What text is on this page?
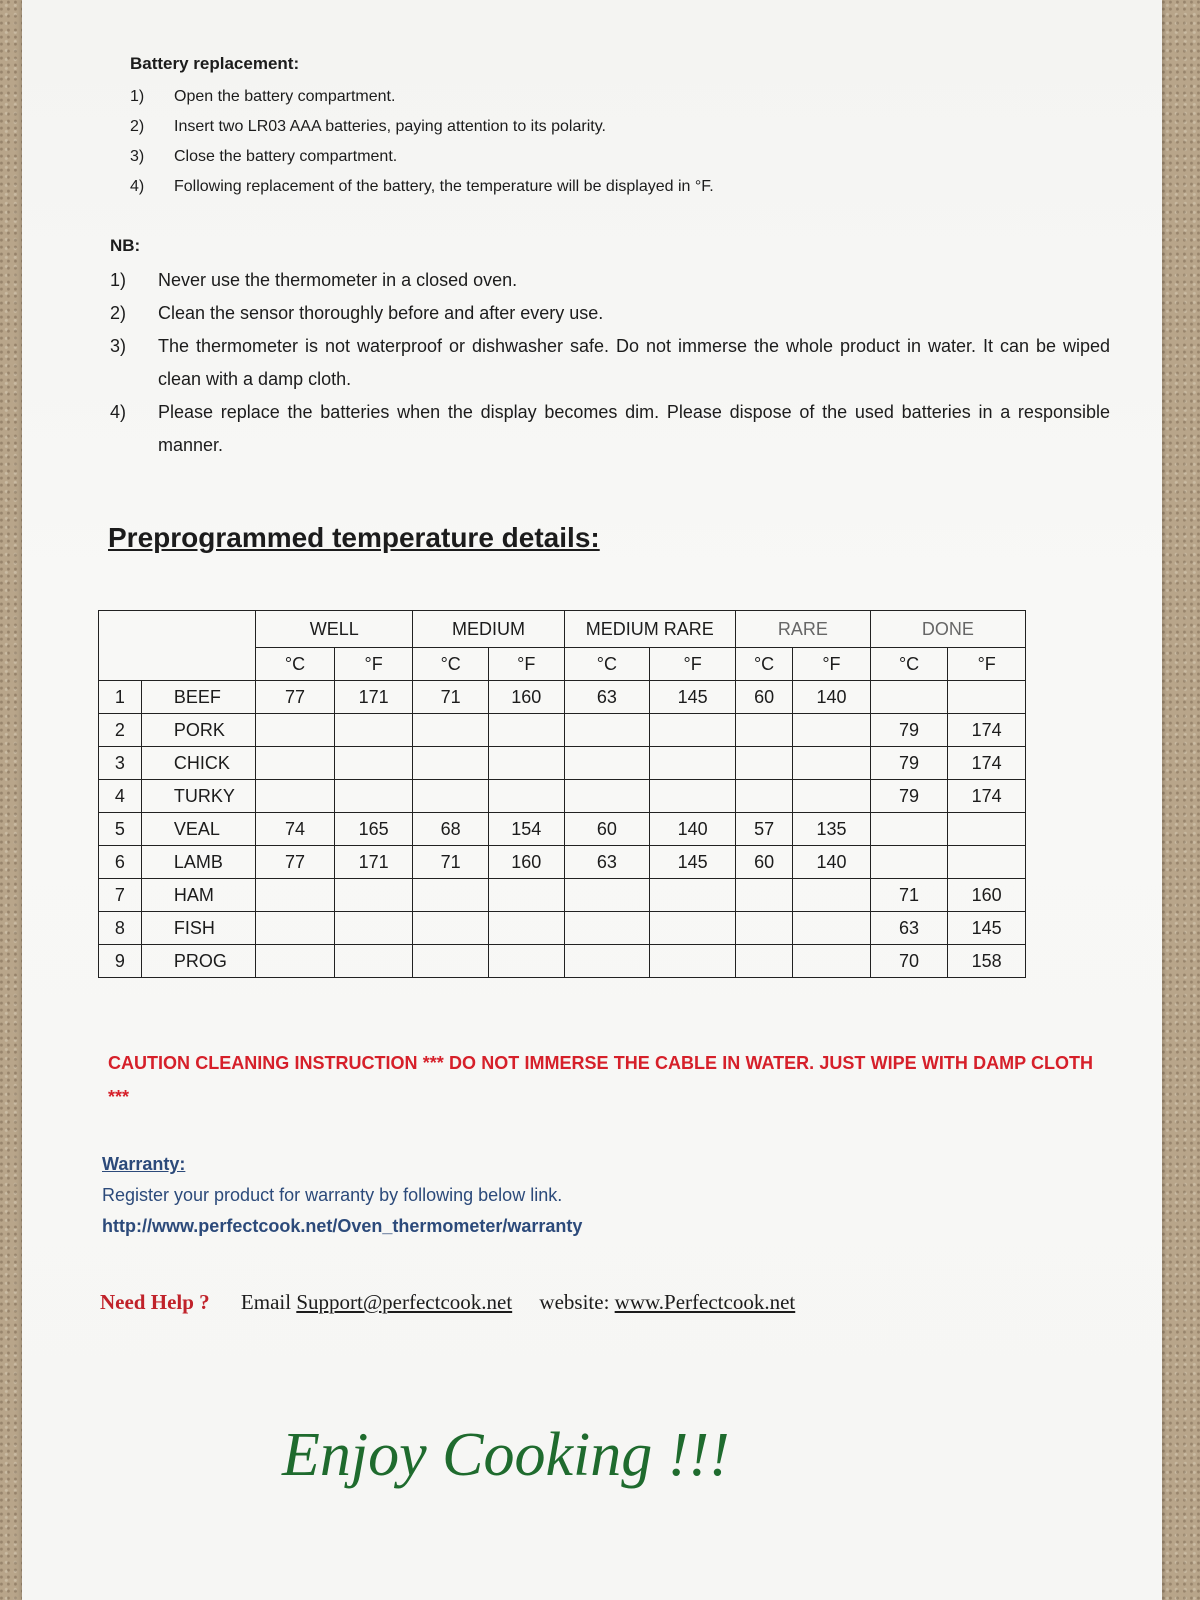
Battery replacement:

1)	Open the battery compartment.
2)	Insert two LR03 AAA batteries, paying attention to its polarity.
3)	Close the battery compartment.
4)	Following replacement of the battery, the temperature will be displayed in °F.

NB:

1)	Never use the thermometer in a closed oven.
2)	Clean the sensor thoroughly before and after every use.
3)	The thermometer is not waterproof or dishwasher safe. Do not immerse the whole product in water. It can be wiped clean with a damp cloth.
4)	Please replace the batteries when the display becomes dim. Please dispose of the used batteries in a responsible manner.
Preprogrammed temperature details:
		WELL		MEDIUM		MEDIUM RARE		RARE		DONE	
		°C	°F	°C	°F	°C	°F	°C	°F	°C	°F
1	BEEF	77	171	71	160	63	145	60	140		
2	PORK									79	174
3	CHICK									79	174
4	TURKY									79	174
5	VEAL	74	165	68	154	60	140	57	135		
6	LAMB	77	171	71	160	63	145	60	140		
7	HAM									71	160
8	FISH									63	145
9	PROG									70	158

CAUTION CLEANING INSTRUCTION *** DO NOT IMMERSE THE CABLE IN WATER. JUST WIPE WITH DAMP CLOTH ***

Warranty:

Register your product for warranty by following below link.

http://www.perfectcook.net/Oven_thermometer/warranty
Need Help ? Email Support@perfectcook.net website: www.Perfectcook.net

Enjoy Cooking !!!
